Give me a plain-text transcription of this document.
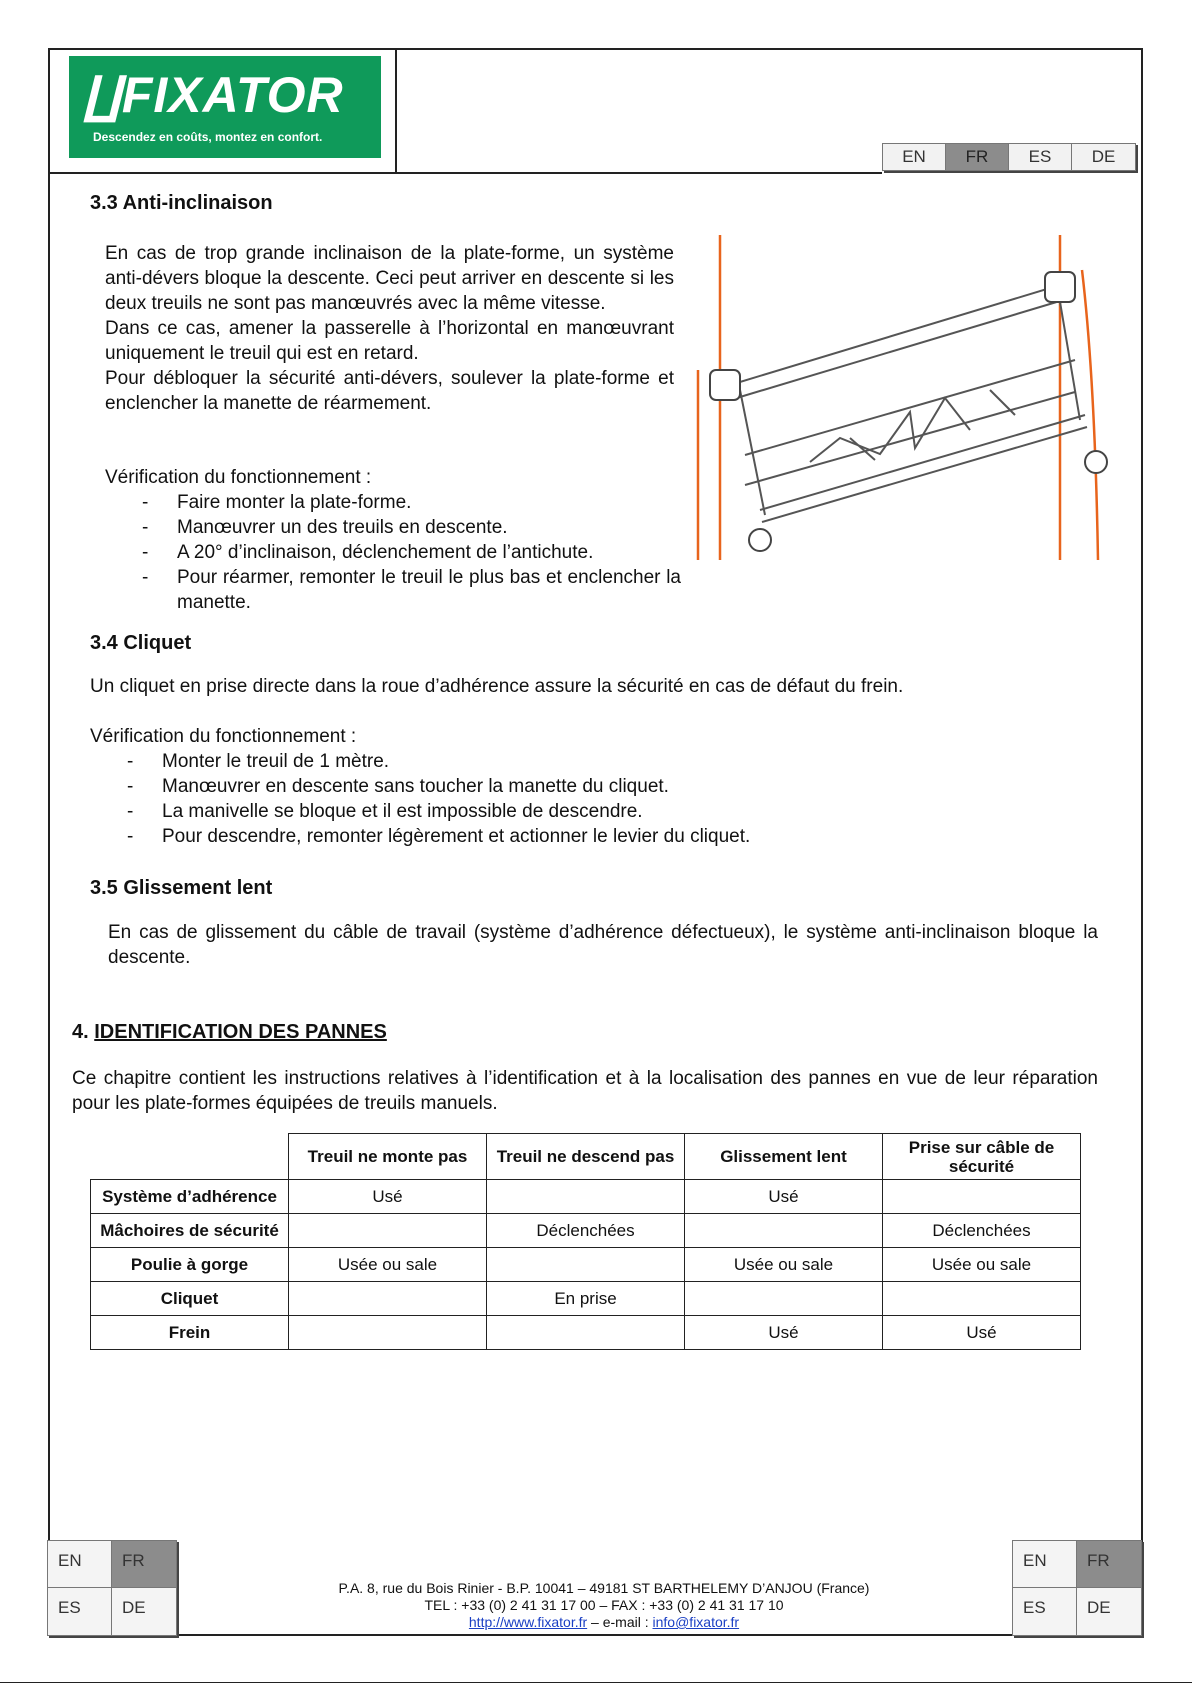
∐FIXATOR
Descendez en coûts, montez en confort.
EN	FR	ES	DE
3.3 Anti-inclinaison

En cas de trop grande inclinaison de la plate-forme, un système anti-dévers bloque la descente. Ceci peut arriver en descente si les deux treuils ne sont pas manœuvrés avec la même vitesse.

Dans ce cas, amener la passerelle à l’horizontal en manœuvrant uniquement le treuil qui est en retard.

Pour débloquer la sécurité anti-dévers, soulever la plate-forme et enclencher la manette de réarmement.

Vérification du fonctionnement :
- Faire monter la plate-forme.
- Manœuvrer un des treuils en descente.
- A 20° d’inclinaison, déclenchement de l’antichute.
- Pour réarmer, remonter le treuil le plus bas et enclencher la manette.
3.4 Cliquet
Un cliquet en prise directe dans la roue d’adhérence assure la sécurité en cas de défaut du frein.
Vérification du fonctionnement :
- Monter le treuil de 1 mètre.
- Manœuvrer en descente sans toucher la manette du cliquet.
- La manivelle se bloque et il est impossible de descendre.
- Pour descendre, remonter légèrement et actionner le levier du cliquet.
3.5 Glissement lent
En cas de glissement du câble de travail (système d’adhérence défectueux), le système anti-inclinaison bloque la descente.
4. IDENTIFICATION DES PANNES
Ce chapitre contient les instructions relatives à l’identification et à la localisation des pannes en vue de leur réparation pour les plate-formes équipées de treuils manuels.
	Treuil ne monte pas	Treuil ne descend pas	Glissement lent	Prise sur câble de sécurité
Système d’adhérence	Usé		Usé	
Mâchoires de sécurité		Déclenchées		Déclenchées
Poulie à gorge	Usée ou sale		Usée ou sale	Usée ou sale
Cliquet		En prise		
Frein			Usé	Usé
EN	FR
ES	DE
EN	FR
ES	DE
P.A. 8, rue du Bois Rinier - B.P. 10041 – 49181 ST BARTHELEMY D’ANJOU (France)
TEL : +33 (0) 2 41 31 17 00 – FAX : +33 (0) 2 41 31 17 10
http://www.fixator.fr – e-mail : info@fixator.fr
